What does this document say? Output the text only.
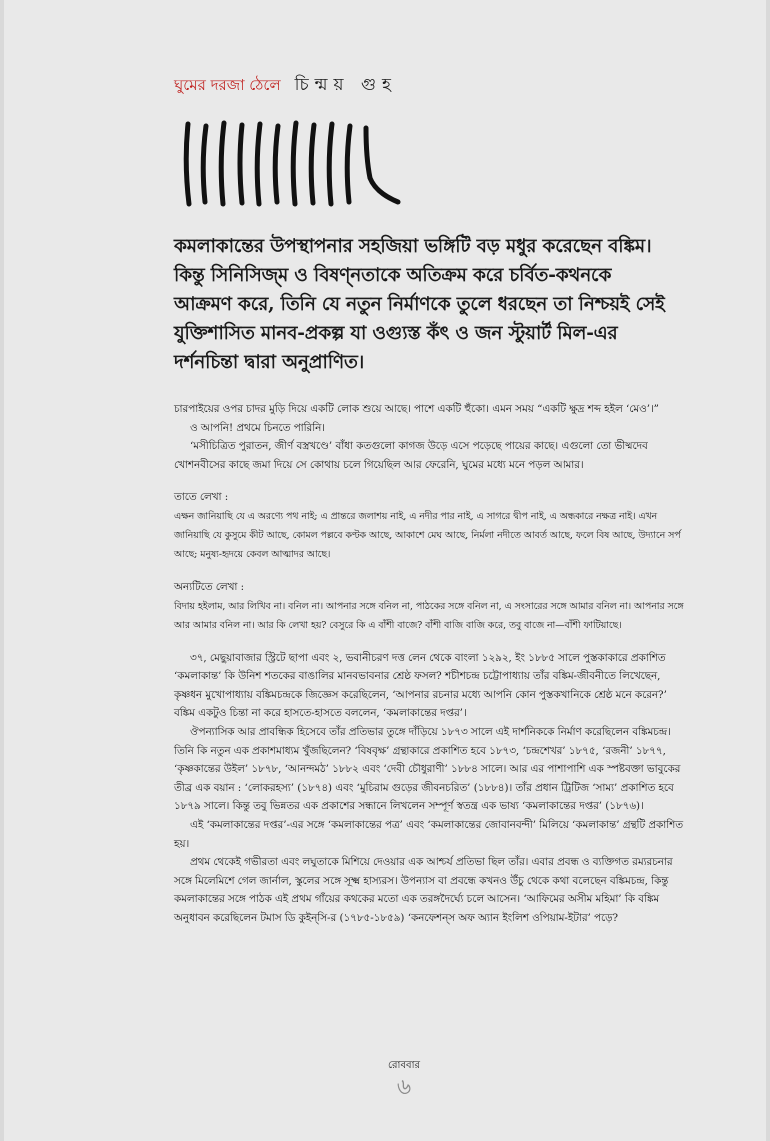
ঘুমের দরজা ঠেলে চিন্ময় গুহ
কমলাকান্তের উপস্থাপনার সহজিয়া ভঙ্গিটি বড় মধুর করেছেন বঙ্কিম। কিন্তু সিনিসিজ্‌ম ও বিষণ্নতাকে অতিক্রম করে চর্বিত-কথনকে আক্রমণ করে, তিনি যে নতুন নির্মাণকে তুলে ধরছেন তা নিশ্চয়ই সেই যুক্তিশাসিত মানব-প্রকল্প যা ওগ্যুস্ত কঁৎ ও জন স্টুয়ার্ট মিল-এর দর্শনচিন্তা দ্বারা অনুপ্রাণিত।

চারপাইয়ের ওপর চাদর মুড়ি দিয়ে একটি লোক শুয়ে আছে। পাশে একটি হুঁকো। এমন সময় “একটি ক্ষুদ্র শব্দ হইল ‘মেও’।”

ও আপনি! প্রথমে চিনতে পারিনি।

‘মসীচিত্রিত পুরাতন, জীর্ণ বস্ত্রখণ্ডে’ বাঁধা কতগুলো কাগজ উড়ে এসে পড়েছে পায়ের কাছে। এগুলো তো ভীষ্মদেব খোশনবীসের কাছে জমা দিয়ে সে কোথায় চলে গিয়েছিল আর ফেরেনি, ঘুমের মধ্যে মনে পড়ল আমার।

তাতে লেখা :

এক্ষন জানিয়াছি যে এ অরণ্যে পথ নাই; এ প্রান্তরে জলাশয় নাই, এ নদীর পার নাই, এ সাগরে দ্বীপ নাই, এ অন্ধকারে নক্ষত্র নাই। এখন জানিয়াছি যে কুসুমে কীট আছে, কোমল পল্লবে কণ্টক আছে, আকাশে মেঘ আছে, নির্মলা নদীতে আবর্ত আছে, ফলে বিষ আছে, উদ্যানে সর্প আছে; মনুষ্য-হৃদয়ে কেবল আত্মাদর আছে।

অন্যটিতে লেখা :

বিদায় হইলাম, আর লিখিব না। বনিল না। আপনার সঙ্গে বনিল না, পাঠকের সঙ্গে বনিল না, এ সংসারের সঙ্গে আমার বনিল না। আপনার সঙ্গে আর আমার বনিল না। আর কি লেখা হয়? বেসুরে কি এ বাঁশী বাজে? বাঁশী বাজি বাজি করে, তবু বাজে না—বাঁশী ফাটিয়াছে।

৩৭, মেছুয়াবাজার স্ট্রিটে ছাপা এবং ২, ভবানীচরণ দত্ত লেন থেকে বাংলা ১২৯২, ইং ১৮৮৫ সালে পুস্তকাকারে প্রকাশিত ‘কমলাকান্ত’ কি উনিশ শতকের বাঙালির মানবভাবনার শ্রেষ্ঠ ফসল? শচীশচন্দ্র চট্টোপাধ্যায় তাঁর বঙ্কিম-জীবনীতে লিখেছেন, কৃষ্ণধন মুখোপাধ্যায় বঙ্কিমচন্দ্রকে জিজ্ঞেস করেছিলেন, ‘আপনার রচনার মধ্যে আপনি কোন পুস্তকখানিকে শ্রেষ্ঠ মনে করেন?’ বঙ্কিম একটুও চিন্তা না করে হাসতে-হাসতে বললেন, ‘কমলাকান্তের দপ্তর’।

ঔপন্যাসিক আর প্রাবন্ধিক হিসেবে তাঁর প্রতিভার তুঙ্গে দাঁড়িয়ে ১৮৭৩ সালে এই দার্শনিককে নির্মাণ করেছিলেন বঙ্কিমচন্দ্র। তিনি কি নতুন এক প্রকাশমাধ্যম খুঁজছিলেন? ‘বিষবৃক্ষ’ গ্রন্থাকারে প্রকাশিত হবে ১৮৭৩, ‘চন্দ্রশেখর’ ১৮৭৫, ‘রজনী’ ১৮৭৭, ‘কৃষ্ণকান্তের উইল’ ১৮৭৮, ‘আনন্দমঠ’ ১৮৮২ এবং ‘দেবী চৌধুরাণী’ ১৮৮৪ সালে। আর এর পাশাপাশি এক স্পষ্টবক্তা ভাবুকের তীব্র এক বয়ান : ‘লোকরহস্য’ (১৮৭৪) এবং ‘মুচিরাম গুড়ের জীবনচরিত’ (১৮৮৪)। তাঁর প্রধান ট্রিটিজ ‘সাম্য’ প্রকাশিত হবে ১৮৭৯ সালে। কিন্তু তবু ভিন্নতর এক প্রকাশের সন্ধানে লিখলেন সম্পূর্ণ স্বতন্ত্র এক ভাষ্য ‘কমলাকান্তের দপ্তর’ (১৮৭৬)।

এই ‘কমলাকান্তের দপ্তর’-এর সঙ্গে ‘কমলাকান্তের পত্র’ এবং ‘কমলাকান্তের জোবানবন্দী’ মিলিয়ে ‘কমলাকান্ত’ গ্রন্থটি প্রকাশিত হয়।

প্রথম থেকেই গভীরতা এবং লঘুতাকে মিশিয়ে দেওয়ার এক আশ্চর্য প্রতিভা ছিল তাঁর। এবার প্রবন্ধ ও ব্যক্তিগত রম্যরচনার সঙ্গে মিলেমিশে গেল জার্নাল, স্কুলের সঙ্গে সূক্ষ্ম হাস্যরস। উপন্যাস বা প্রবন্ধে কখনও উঁচু থেকে কথা বলেছেন বঙ্কিমচন্দ্র, কিন্তু কমলাকান্তের সঙ্গে পাঠক এই প্রথম গাঁয়ের কথকের মতো এক তরঙ্গদৈর্ঘ্যে চলে আসেন। ‘আফিমের অসীম মহিমা’ কি বঙ্কিম অনুধাবন করেছিলেন টমাস ডি কুইন্‌সি-র (১৭৮৫-১৮৫৯) ‘কনফেশন্‌স অফ অ্যান ইংলিশ ওপিয়াম-ইটার’ পড়ে?

রোববার
৬
